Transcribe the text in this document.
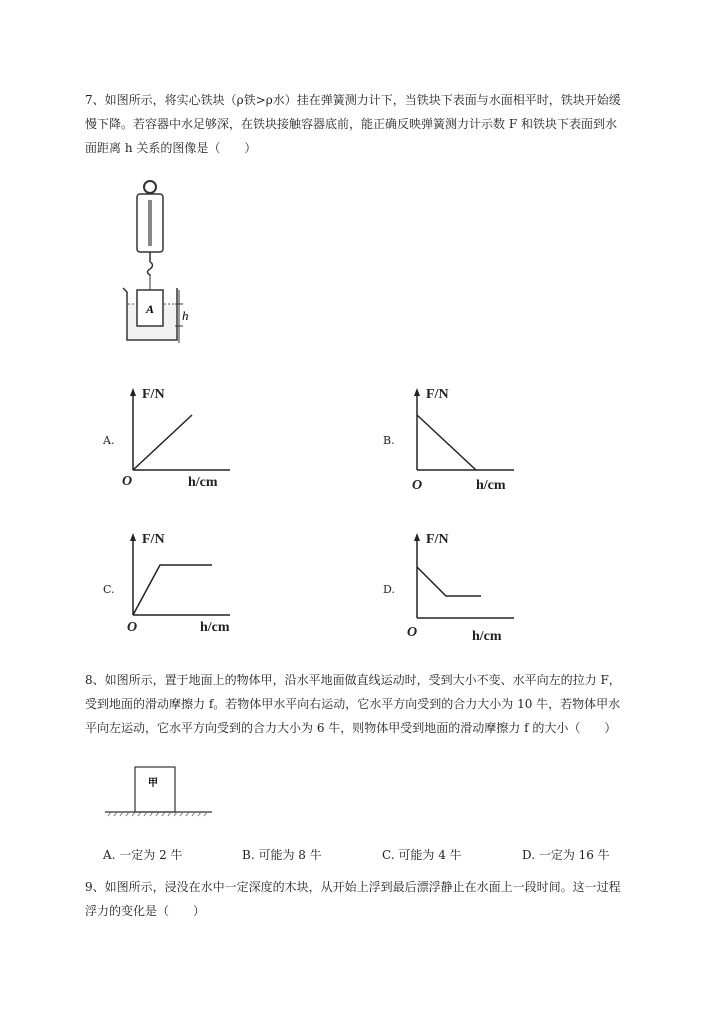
7、如图所示，将实心铁块（ρ铁>ρ水）挂在弹簧测力计下，当铁块下表面与水面相平时，铁块开始缓
慢下降。若容器中水足够深，在铁块接触容器底前，能正确反映弹簧测力计示数 F 和铁块下表面到水
面距离 h 关系的图像是（　　）
A h
A.
F/N
O	h/cm
B.
F/N
O	h/cm
C.
F/N
O	h/cm
D.
F/N
O	h/cm
8、如图所示，置于地面上的物体甲，沿水平地面做直线运动时，受到大小不变、水平向左的拉力 F，
受到地面的滑动摩擦力 f。若物体甲水平向右运动，它水平方向受到的合力大小为 10 牛，若物体甲水
平向左运动，它水平方向受到的合力大小为 6 牛，则物体甲受到地面的滑动摩擦力 f 的大小（　　）
甲
A. 一定为 2 牛	B. 可能为 8 牛	C. 可能为 4 牛	D. 一定为 16 牛
9、如图所示，浸没在水中一定深度的木块，从开始上浮到最后漂浮静止在水面上一段时间。这一过程
浮力的变化是（　　）
